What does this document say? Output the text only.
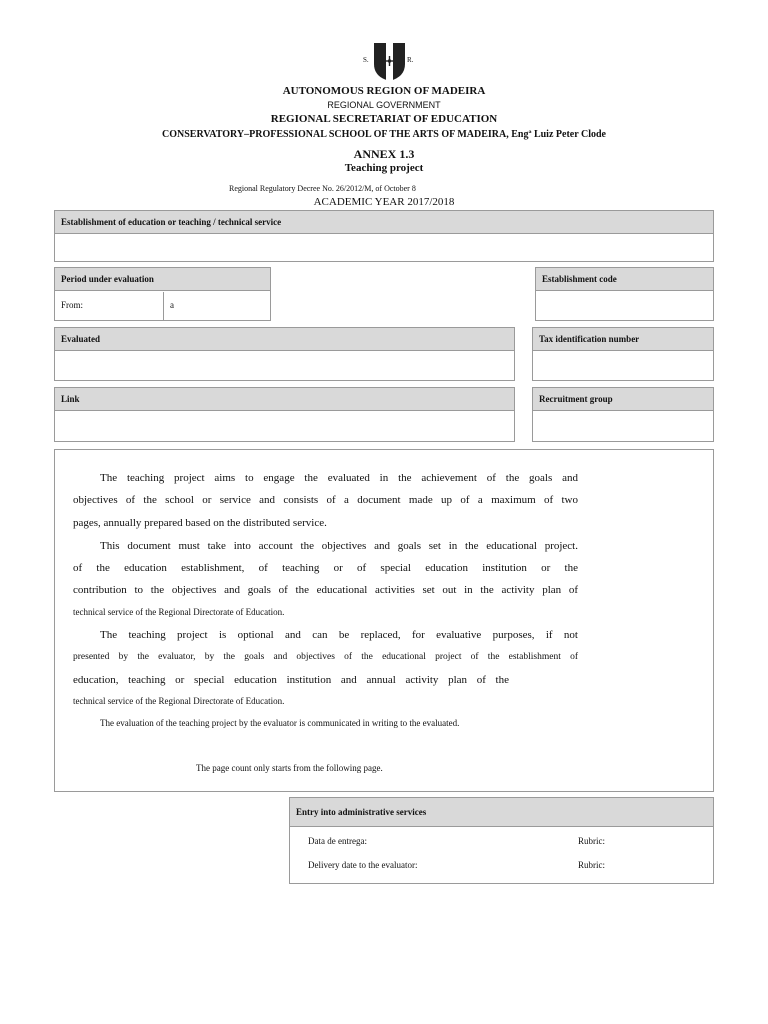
S.	R.
AUTONOMOUS REGION OF MADEIRA
REGIONAL GOVERNMENT
REGIONAL SECRETARIAT OF EDUCATION
CONSERVATORY–PROFESSIONAL SCHOOL OF THE ARTS OF MADEIRA, Engª Luiz Peter Clode
ANNEX 1.3
Teaching project
Regional Regulatory Decree No. 26/2012/M, of October 8
ACADEMIC YEAR 2017/2018
Establishment of education or teaching / technical service
Period under evaluation
From:	a
Establishment code
Evaluated	Tax identification number
Link	Recruitment group

The teaching project aims to engage the evaluated in the achievement of the goals and

objectives of the school or service and consists of a document made up of a maximum of two

pages, annually prepared based on the distributed service.

This document must take into account the objectives and goals set in the educational project.

of the education establishment, of teaching or of special education institution or the

contribution to the objectives and goals of the educational activities set out in the activity plan of

technical service of the Regional Directorate of Education.

The teaching project is optional and can be replaced, for evaluative purposes, if not

presented by the evaluator, by the goals and objectives of the educational project of the establishment of

education, teaching or special education institution and annual activity plan of the

technical service of the Regional Directorate of Education.

The evaluation of the teaching project by the evaluator is communicated in writing to the evaluated.

The page count only starts from the following page.

Entry into administrative services
Data de entrega:	Rubric:
Delivery date to the evaluator:	Rubric:
